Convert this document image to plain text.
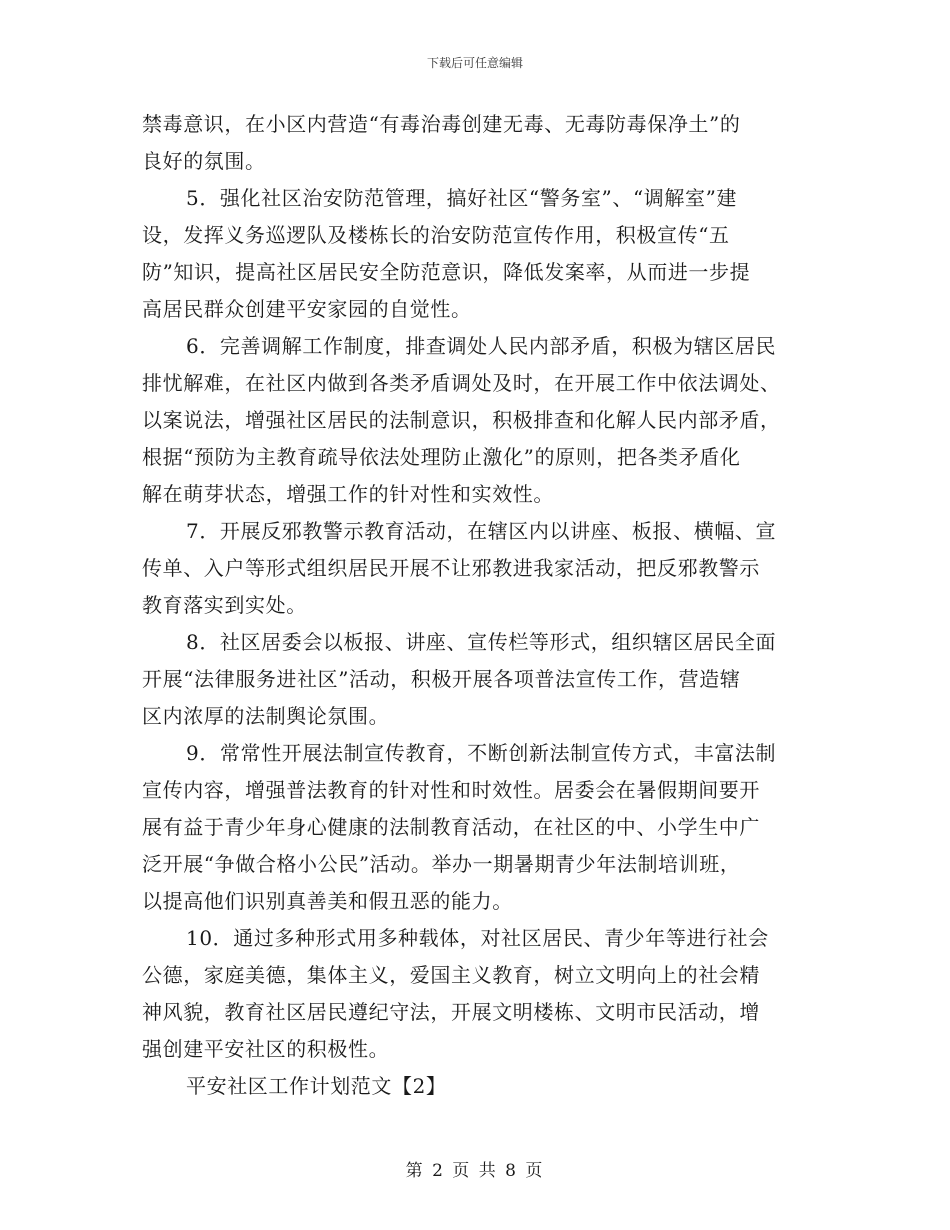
下载后可任意编辑
禁毒意识，在小区内营造“有毒治毒创建无毒、无毒防毒保净土”的
良好的氛围。
5．强化社区治安防范管理，搞好社区“警务室”、“调解室”建
设，发挥义务巡逻队及楼栋长的治安防范宣传作用，积极宣传“五
防”知识，提高社区居民安全防范意识，降低发案率，从而进一步提
高居民群众创建平安家园的自觉性。
6．完善调解工作制度，排查调处人民内部矛盾，积极为辖区居民
排忧解难，在社区内做到各类矛盾调处及时，在开展工作中依法调处、
以案说法，增强社区居民的法制意识，积极排查和化解人民内部矛盾，
根据“预防为主教育疏导依法处理防止激化”的原则，把各类矛盾化
解在萌芽状态，增强工作的针对性和实效性。
7．开展反邪教警示教育活动，在辖区内以讲座、板报、横幅、宣
传单、入户等形式组织居民开展不让邪教进我家活动，把反邪教警示
教育落实到实处。
8．社区居委会以板报、讲座、宣传栏等形式，组织辖区居民全面
开展“法律服务进社区”活动，积极开展各项普法宣传工作，营造辖
区内浓厚的法制舆论氛围。
9．常常性开展法制宣传教育，不断创新法制宣传方式，丰富法制
宣传内容，增强普法教育的针对性和时效性。居委会在暑假期间要开
展有益于青少年身心健康的法制教育活动，在社区的中、小学生中广
泛开展“争做合格小公民”活动。举办一期暑期青少年法制培训班，
以提高他们识别真善美和假丑恶的能力。
10．通过多种形式用多种载体，对社区居民、青少年等进行社会
公德，家庭美德，集体主义，爱国主义教育，树立文明向上的社会精
神风貌，教育社区居民遵纪守法，开展文明楼栋、文明市民活动，增
强创建平安社区的积极性。
平安社区工作计划范文【2】
第 2 页 共 8 页
